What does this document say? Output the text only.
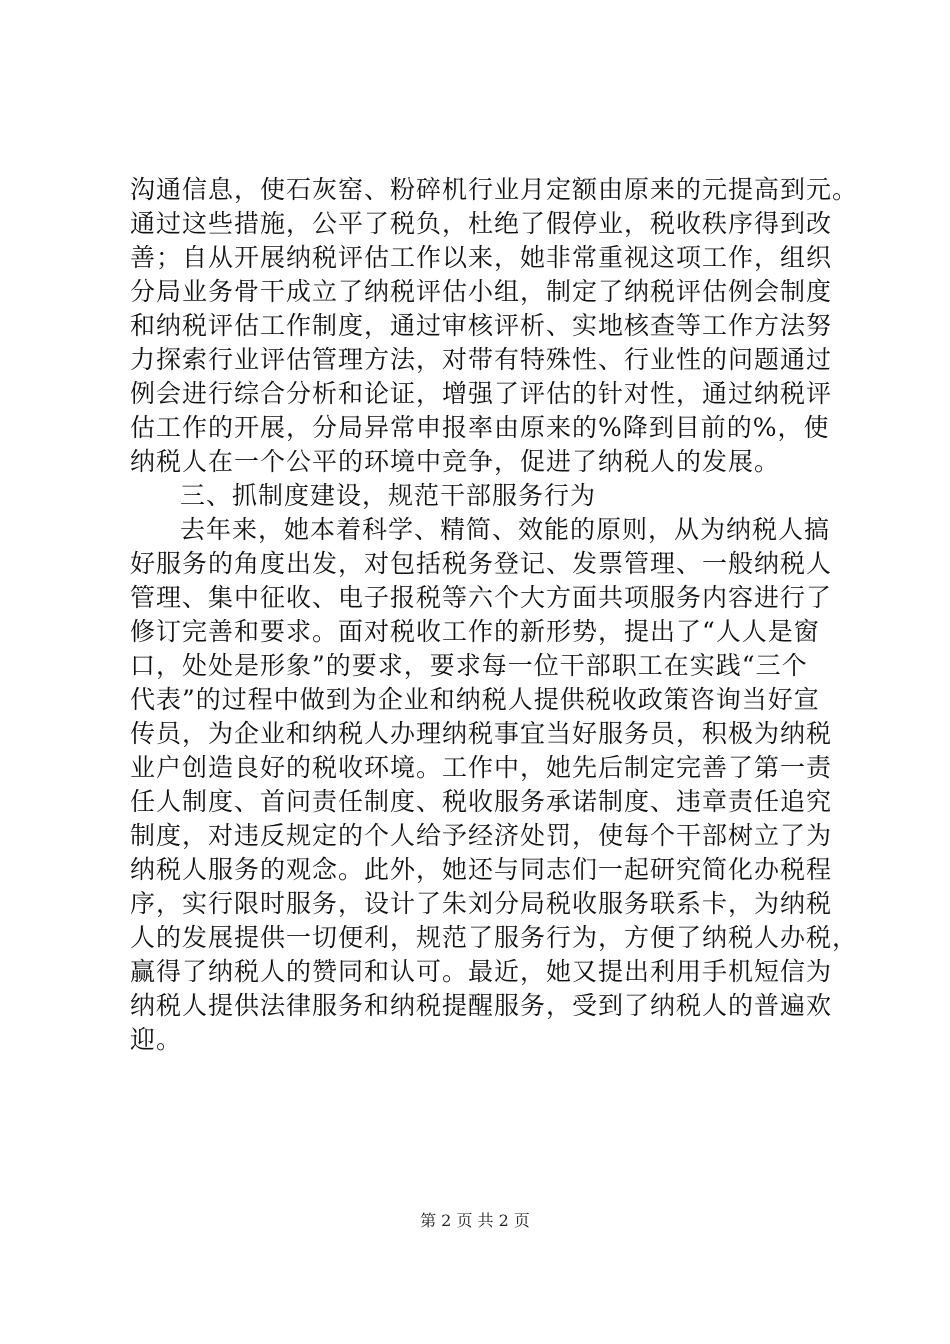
沟通信息，使石灰窑、粉碎机行业月定额由原来的元提高到元。
通过这些措施，公平了税负，杜绝了假停业，税收秩序得到改
善；自从开展纳税评估工作以来，她非常重视这项工作，组织
分局业务骨干成立了纳税评估小组，制定了纳税评估例会制度
和纳税评估工作制度，通过审核评析、实地核查等工作方法努
力探索行业评估管理方法，对带有特殊性、行业性的问题通过
例会进行综合分析和论证，增强了评估的针对性，通过纳税评
估工作的开展，分局异常申报率由原来的%降到目前的%，使
纳税人在一个公平的环境中竞争，促进了纳税人的发展。
三、抓制度建设，规范干部服务行为
去年来，她本着科学、精简、效能的原则，从为纳税人搞
好服务的角度出发，对包括税务登记、发票管理、一般纳税人
管理、集中征收、电子报税等六个大方面共项服务内容进行了
修订完善和要求。面对税收工作的新形势，提出了“人人是窗
口，处处是形象”的要求，要求每一位干部职工在实践“三个
代表”的过程中做到为企业和纳税人提供税收政策咨询当好宣
传员，为企业和纳税人办理纳税事宜当好服务员，积极为纳税
业户创造良好的税收环境。工作中，她先后制定完善了第一责
任人制度、首问责任制度、税收服务承诺制度、违章责任追究
制度，对违反规定的个人给予经济处罚，使每个干部树立了为
纳税人服务的观念。此外，她还与同志们一起研究简化办税程
序，实行限时服务，设计了朱刘分局税收服务联系卡，为纳税
人的发展提供一切便利，规范了服务行为，方便了纳税人办税，
赢得了纳税人的赞同和认可。最近，她又提出利用手机短信为
纳税人提供法律服务和纳税提醒服务，受到了纳税人的普遍欢
迎。
第 2 页 共 2 页
